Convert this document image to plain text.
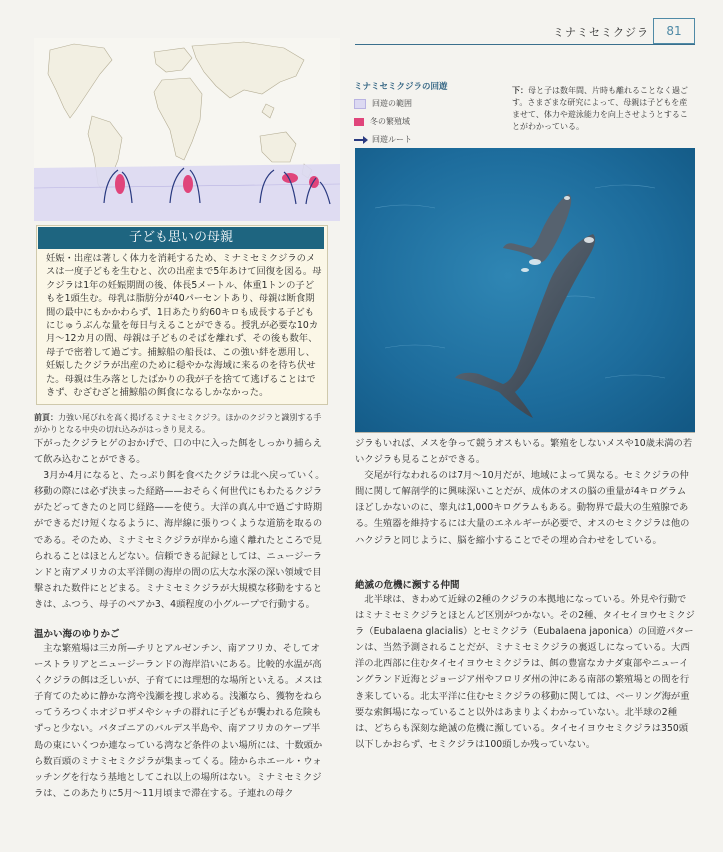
ミナミセミクジラ	81
ミナミセミクジラの回遊
回遊の範囲
冬の繁殖域
回遊ルート
下：母と子は数年間、片時も離れることなく過ごす。さまざまな研究によって、母親は子どもを産ませて、体力や遊泳能力を向上させようとすることがわかっている。
子ども思いの母親

妊娠・出産は著しく体力を消耗するため、ミナミセミクジラのメスは一度子どもを生むと、次の出産まで5年あけて回復を図る。母クジラは1年の妊娠期間の後、体長5メートル、体重1トンの子どもを1頭生む。母乳は脂肪分が40パーセントあり、母親は断食期間の最中にもかかわらず、1日あたり約60キロも成長する子どもにじゅうぶんな量を毎日与えることができる。授乳が必要な10カ月〜12カ月の間、母親は子どものそばを離れず、その後も数年、母子で密着して過ごす。捕鯨船の船長は、この強い絆を悪用し、妊娠したクジラが出産のために穏やかな海域に来るのを待ち伏せた。母親は生み落としたばかりの我が子を捨てて逃げることはできず、むざむざと捕鯨船の餌食になるしかなかった。

前頁：力強い尾びれを高く掲げるミナミセミクジラ。ほかのクジラと識別する手がかりとなる中央の切れ込みがはっきり見える。

下がったクジラヒゲのおかげで、口の中に入った餌をしっかり捕らえて飲み込むことができる。

3月か4月になると、たっぷり餌を食べたクジラは北へ戻っていく。移動の際には必ず決まった経路——おそらく何世代にもわたるクジラがたどってきたのと同じ経路——を使う。大洋の真ん中で過ごす時期ができるだけ短くなるように、海岸線に張りつくような道筋を取るのである。そのため、ミナミセミクジラが岸から遠く離れたところで見られることはほとんどない。信頼できる記録としては、ニュージーランドと南アメリカの太平洋側の海岸の間の広大な水深の深い領域で目撃された数件にとどまる。ミナミセミクジラが大規模な移動をするときは、ふつう、母子のペアか3、4頭程度の小グループで行動する。

温かい海のゆりかご

主な繁殖場は三カ所—チリとアルゼンチン、南アフリカ、そしてオーストラリアとニュージーランドの海岸沿いにある。比較的水温が高くクジラの餌は乏しいが、子育てには理想的な場所といえる。メスは子育てのために静かな湾や浅瀬を捜し求める。浅瀬なら、獲物をねらってうろつくホオジロザメやシャチの群れに子どもが襲われる危険もずっと少ない。パタゴニアのバルデス半島や、南アフリカのケープ半島の東にいくつか連なっている湾など条件のよい場所には、十数頭から数百頭のミナミセミクジラが集まってくる。陸からホエール・ウォッチングを行なう基地としてこれ以上の場所はない。ミナミセミクジラは、このあたりに5月〜11月頃まで滞在する。子連れの母ク

ジラもいれば、メスを争って競うオスもいる。繁殖をしないメスや10歳未満の若いクジラも見ることができる。

交尾が行なわれるのは7月〜10月だが、地域によって異なる。セミクジラの仲間に関して解剖学的に興味深いことだが、成体のオスの脳の重量が4キログラムほどしかないのに、睾丸は1,000キログラムもある。動物界で最大の生殖腺である。生殖器を維持するには大量のエネルギーが必要で、オスのセミクジラは他のハクジラと同じように、脳を縮小することでその埋め合わせをしている。

絶滅の危機に瀕する仲間

北半球は、きわめて近縁の2種のクジラの本拠地になっている。外見や行動ではミナミセミクジラとほとんど区別がつかない。その2種、タイセイヨウセミクジラ（Eubalaena glacialis）とセミクジラ（Eubalaena japonica）の回遊パターンは、当然予測されることだが、ミナミセミクジラの裏返しになっている。大西洋の北西部に住むタイセイヨウセミクジラは、餌の豊富なカナダ東部やニューイングランド近海とジョージア州やフロリダ州の沖にある南部の繁殖場との間を行き来している。北太平洋に住むセミクジラの移動に関しては、ベーリング海が重要な索餌場になっていること以外はあまりよくわかっていない。北半球の2種は、どちらも深刻な絶滅の危機に瀕している。タイセイヨウセミクジラは350頭以下しかおらず、セミクジラは100頭しか残っていない。
